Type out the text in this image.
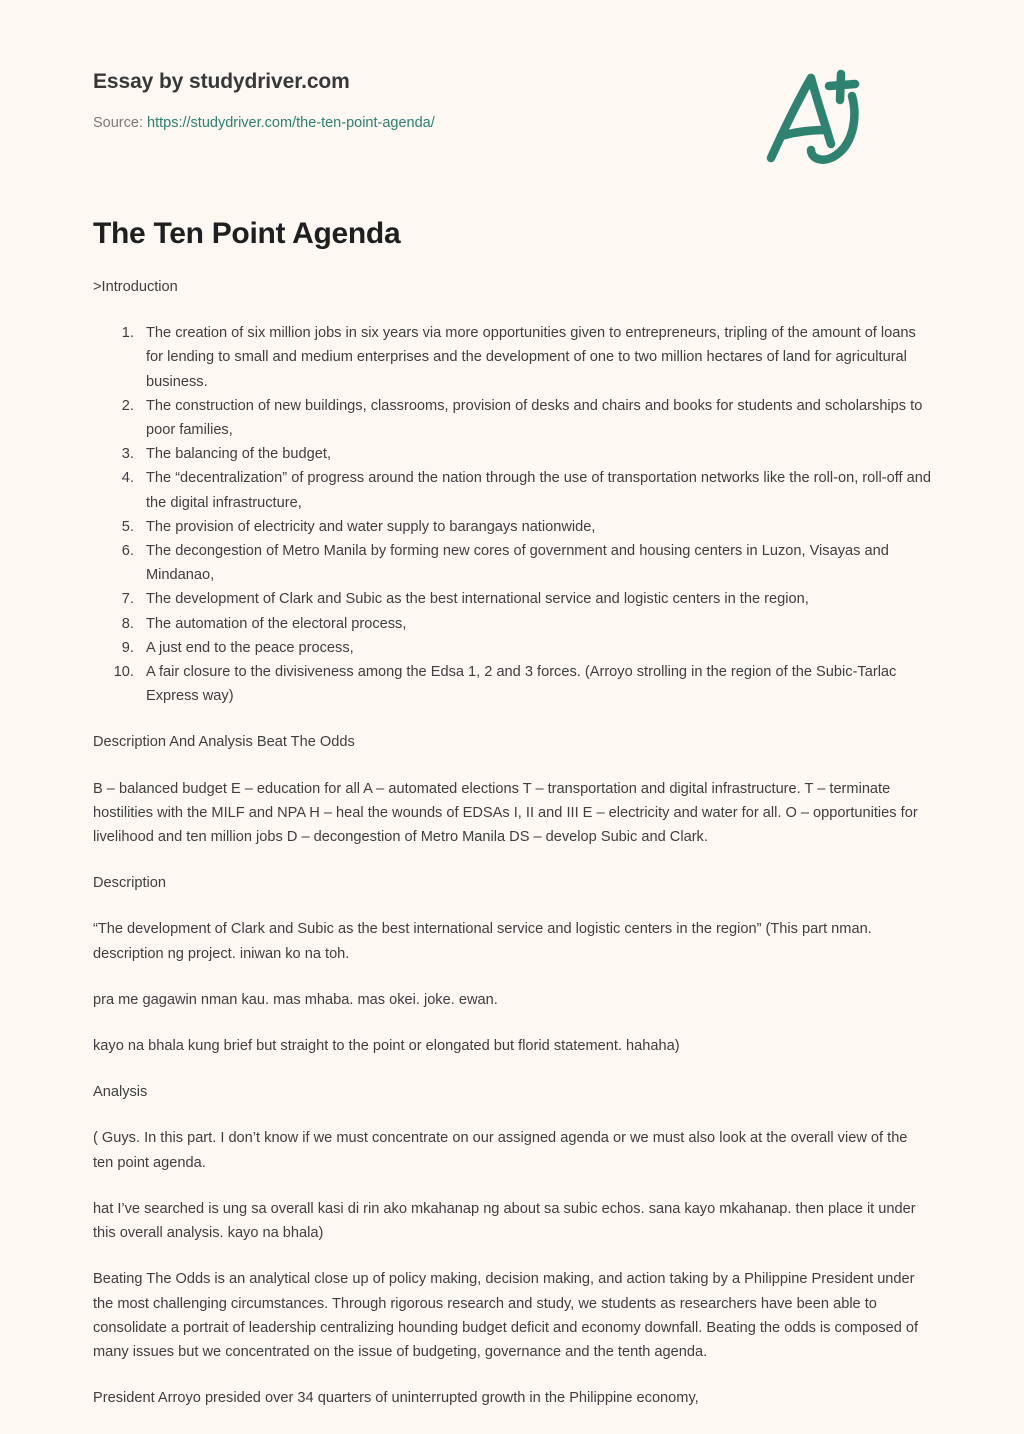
Essay by studydriver.com
Source: https://studydriver.com/the-ten-point-agenda/
The Ten Point Agenda

>Introduction

1. The creation of six million jobs in six years via more opportunities given to entrepreneurs, tripling of the amount of loans for lending to small and medium enterprises and the development of one to two million hectares of land for agricultural business.
2. The construction of new buildings, classrooms, provision of desks and chairs and books for students and scholarships to poor families,
3. The balancing of the budget,
4. The “decentralization” of progress around the nation through the use of transportation networks like the roll-on, roll-off and the digital infrastructure,
5. The provision of electricity and water supply to barangays nationwide,
6. The decongestion of Metro Manila by forming new cores of government and housing centers in Luzon, Visayas and Mindanao,
7. The development of Clark and Subic as the best international service and logistic centers in the region,
8. The automation of the electoral process,
9. A just end to the peace process,
10. A fair closure to the divisiveness among the Edsa 1, 2 and 3 forces. (Arroyo strolling in the region of the Subic-Tarlac Express way)

Description And Analysis Beat The Odds

B – balanced budget E – education for all A – automated elections T – transportation and digital infrastructure. T – terminate hostilities with the MILF and NPA H – heal the wounds of EDSAs I, II and III E – electricity and water for all. O – opportunities for livelihood and ten million jobs D – decongestion of Metro Manila DS – develop Subic and Clark.

Description

“The development of Clark and Subic as the best international service and logistic centers in the region” (This part nman. description ng project. iniwan ko na toh.

pra me gagawin nman kau. mas mhaba. mas okei. joke. ewan.

kayo na bhala kung brief but straight to the point or elongated but florid statement. hahaha)

Analysis

( Guys. In this part. I don’t know if we must concentrate on our assigned agenda or we must also look at the overall view of the ten point agenda.

hat I’ve searched is ung sa overall kasi di rin ako mkahanap ng about sa subic echos. sana kayo mkahanap. then place it under this overall analysis. kayo na bhala)

Beating The Odds is an analytical close up of policy making, decision making, and action taking by a Philippine President under the most challenging circumstances. Through rigorous research and study, we students as researchers have been able to consolidate a portrait of leadership centralizing hounding budget deficit and economy downfall. Beating the odds is composed of many issues but we concentrated on the issue of budgeting, governance and the tenth agenda.

President Arroyo presided over 34 quarters of uninterrupted growth in the Philippine economy,
